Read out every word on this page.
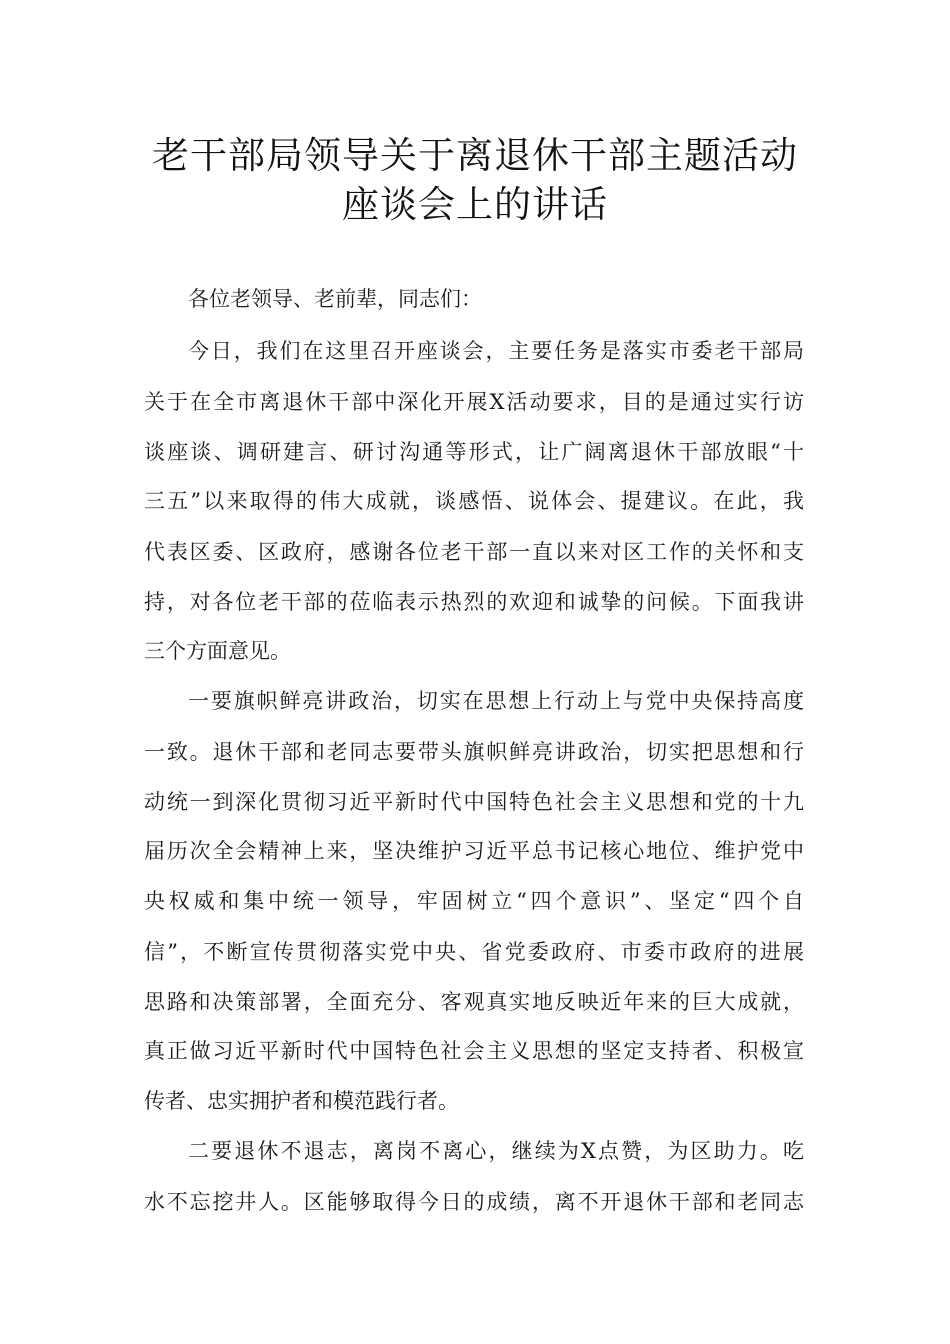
老干部局领导关于离退休干部主题活动
座谈会上的讲话
各位老领导、老前辈，同志们：
今日，我们在这里召开座谈会，主要任务是落实市委老干部局
关于在全市离退休干部中深化开展X活动要求，目的是通过实行访
谈座谈、调研建言、研讨沟通等形式，让广阔离退休干部放眼“十
三五”以来取得的伟大成就，谈感悟、说体会、提建议。在此，我
代表区委、区政府，感谢各位老干部一直以来对区工作的关怀和支
持，对各位老干部的莅临表示热烈的欢迎和诚挚的问候。下面我讲
三个方面意见。
一要旗帜鲜亮讲政治，切实在思想上行动上与党中央保持高度
一致。退休干部和老同志要带头旗帜鲜亮讲政治，切实把思想和行
动统一到深化贯彻习近平新时代中国特色社会主义思想和党的十九
届历次全会精神上来，坚决维护习近平总书记核心地位、维护党中
央权威和集中统一领导，牢固树立“四个意识”、坚定“四个自
信”，不断宣传贯彻落实党中央、省党委政府、市委市政府的进展
思路和决策部署，全面充分、客观真实地反映近年来的巨大成就，
真正做习近平新时代中国特色社会主义思想的坚定支持者、积极宣
传者、忠实拥护者和模范践行者。
二要退休不退志，离岗不离心，继续为X点赞，为区助力。吃
水不忘挖井人。区能够取得今日的成绩，离不开退休干部和老同志
